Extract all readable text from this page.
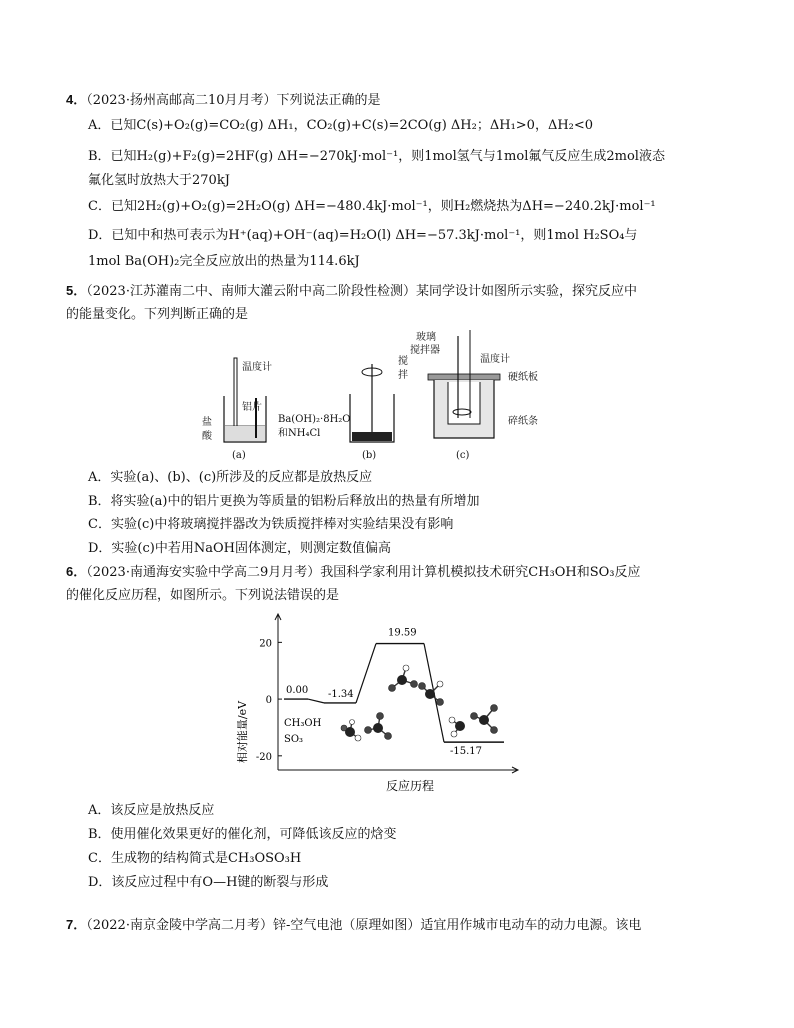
4．（2023·扬州高邮高二10月月考）下列说法正确的是
A．已知C(s)+O₂(g)=CO₂(g) ΔH₁，CO₂(g)+C(s)=2CO(g) ΔH₂；ΔH₁>0，ΔH₂<0
B．已知H₂(g)+F₂(g)=2HF(g) ΔH=−270kJ·mol⁻¹，则1mol氢气与1mol氟气反应生成2mol液态
氟化氢时放热大于270kJ
C．已知2H₂(g)+O₂(g)=2H₂O(g) ΔH=−480.4kJ·mol⁻¹，则H₂燃烧热为ΔH=−240.2kJ·mol⁻¹
D．已知中和热可表示为H⁺(aq)+OH⁻(aq)=H₂O(l) ΔH=−57.3kJ·mol⁻¹，则1mol H₂SO₄与
1mol Ba(OH)₂完全反应放出的热量为114.6kJ
5．（2023·江苏灌南二中、南师大灌云附中高二阶段性检测）某同学设计如图所示实验，探究反应中
的能量变化。下列判断正确的是
温度计
铝片
盐
酸
(a)
搅
拌
Ba(OH)₂·8H₂O
和NH₄Cl
(b)
玻璃
搅拌器
温度计
硬纸板
碎纸条
(c)
A．实验(a)、(b)、(c)所涉及的反应都是放热反应
B．将实验(a)中的铝片更换为等质量的铝粉后释放出的热量有所增加
C．实验(c)中将玻璃搅拌器改为铁质搅拌棒对实验结果没有影响
D．实验(c)中若用NaOH固体测定，则测定数值偏高
6．（2023·南通海安实验中学高二9月月考）我国科学家利用计算机模拟技术研究CH₃OH和SO₃反应
的催化反应历程，如图所示。下列说法错误的是
20
0
-20
0.00 -1.34
19.59
-15.17
相对能量/eV
反应历程
CH₃OH
SO₃
A．该反应是放热反应
B．使用催化效果更好的催化剂，可降低该反应的焓变
C．生成物的结构简式是CH₃OSO₃H
D．该反应过程中有O—H键的断裂与形成
7．（2022·南京金陵中学高二月考）锌-空气电池（原理如图）适宜用作城市电动车的动力电源。该电
